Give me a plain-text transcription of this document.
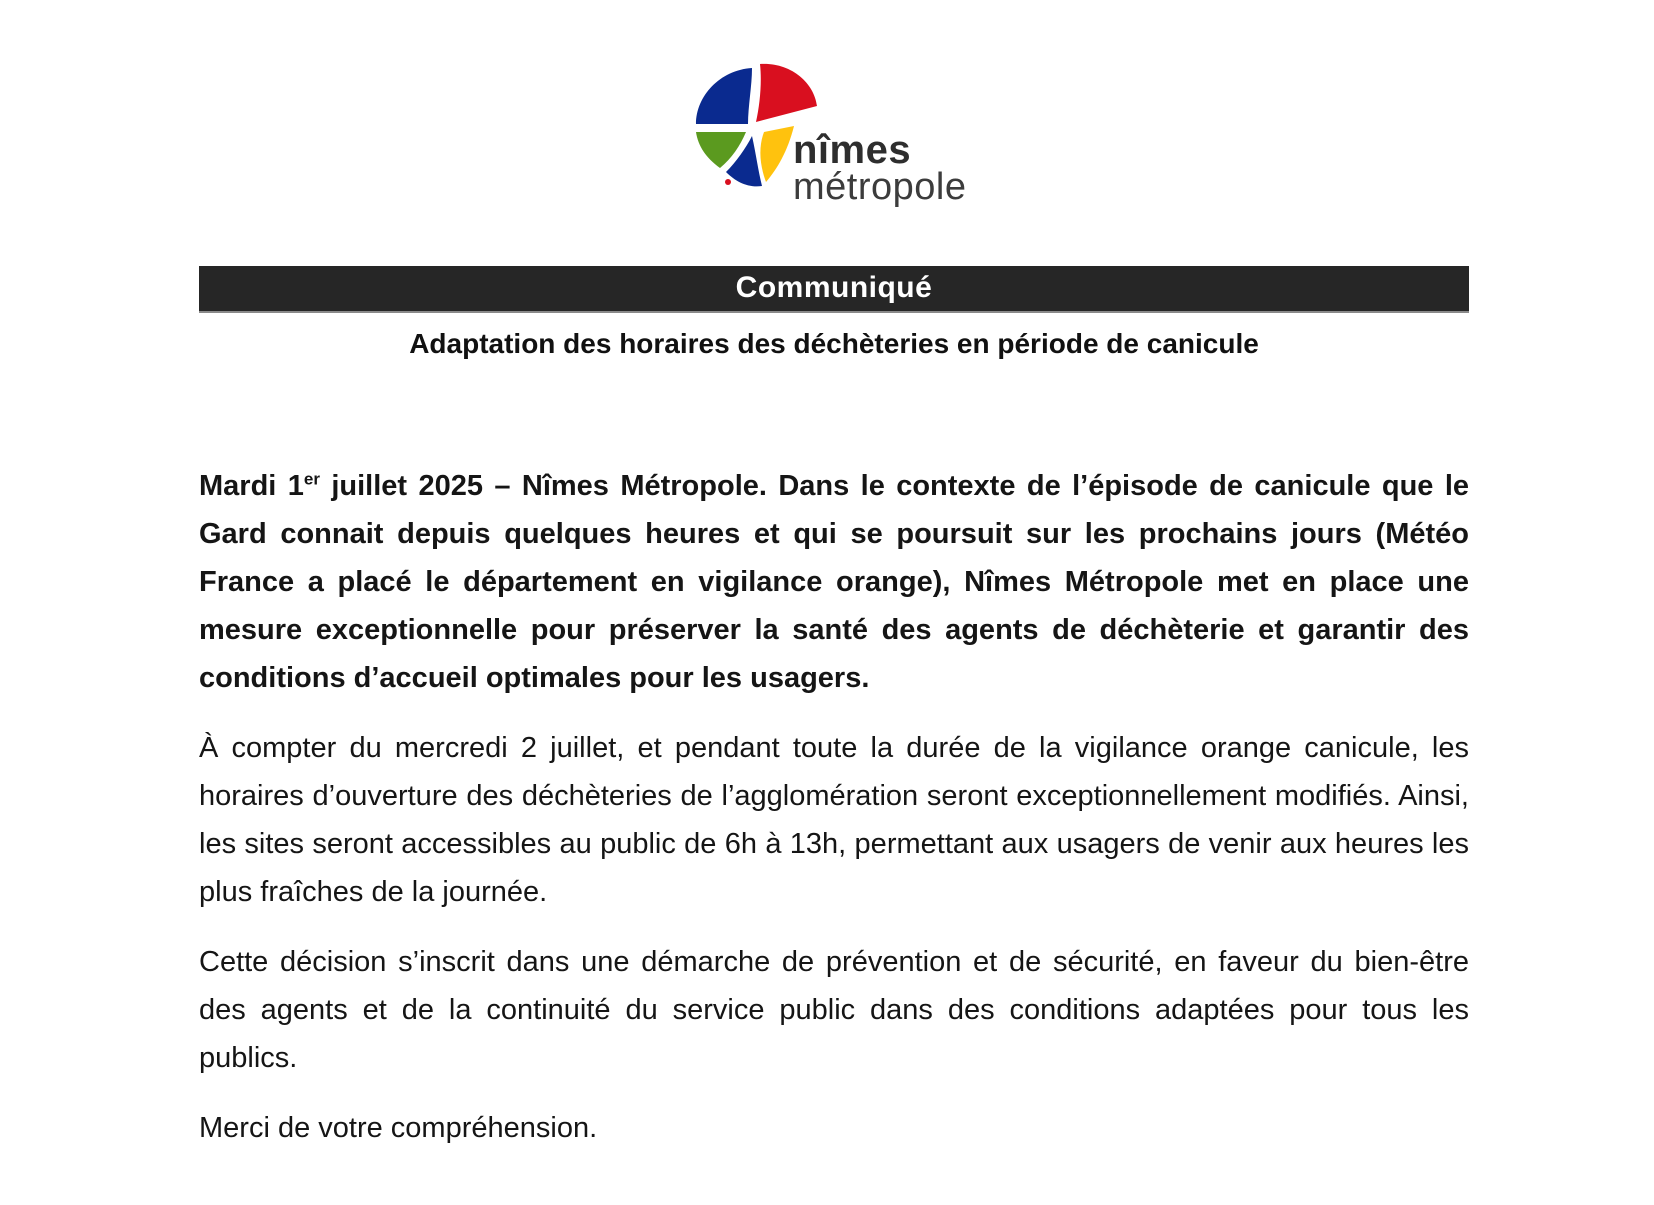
nîmes
métropole
Communiqué
Adaptation des horaires des déchèteries en période de canicule

Mardi 1er juillet 2025 – Nîmes Métropole. Dans le contexte de l’épisode de canicule que le Gard connait depuis quelques heures et qui se poursuit sur les prochains jours (Météo France a placé le département en vigilance orange), Nîmes Métropole met en place une mesure exceptionnelle pour préserver la santé des agents de déchèterie et garantir des conditions d’accueil optimales pour les usagers.

À compter du mercredi 2 juillet, et pendant toute la durée de la vigilance orange canicule, les horaires d’ouverture des déchèteries de l’agglomération seront exceptionnellement modifiés. Ainsi, les sites seront accessibles au public de 6h à 13h, permettant aux usagers de venir aux heures les plus fraîches de la journée.

Cette décision s’inscrit dans une démarche de prévention et de sécurité, en faveur du bien-être des agents et de la continuité du service public dans des conditions adaptées pour tous les publics.

Merci de votre compréhension.
